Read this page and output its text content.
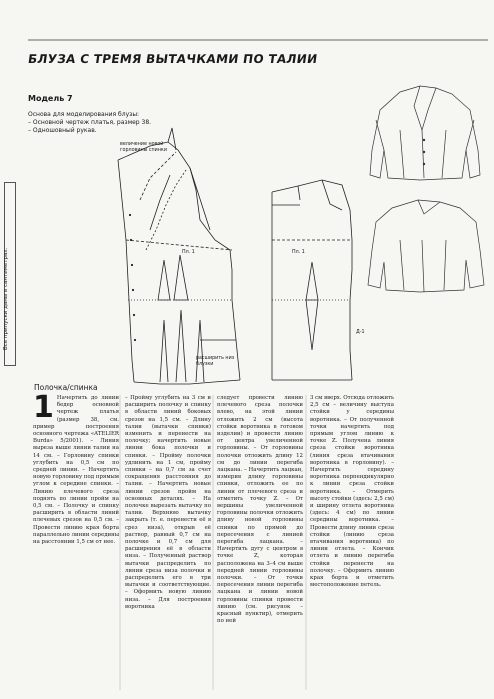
БЛУЗА С ТРЕМЯ ВЫТАЧКАМИ ПО ТАЛИИ
Модель 7
Основа для моделирования блузы:
– Основной чертеж платья, размер 38.
– Одношовный рукав.
Все припуски даны в сантиметрах.
величение новой горловины спинки
расширить низ блузки
Пл. 1	Пл. 1
Д-1
Полочка/спинка

1 Начертить до линии бедер основной чертеж платья (размер 38, см. пример построения основного чертежа «ATELIER Burda» 5/2001). – Линия выреза выше линии талии на 14 см. – Горловину спинки углубить на 0,5 см по средней линии. – Начертить новую горловину под прямым углом к середине спинки. – Линию плечевого среза поднять по линии пройм на 0,5 см. – Полочку и спинку расширить в области линий плечевых срезов на 0,5 см. – Провести линию края борта параллельно линии середины на расстоянии 1,5 см от нее.

– Пройму углубить на 3 см и расширить полочку и спинку в области линий боковых срезов на 1,5 см. – Длину талии (вытачки спинки) изменить и перенести на полочку; начертить новые линии бока полочки и спинки. – Пройму полочки удлинить на 1 см, пройму спинки – на 0,7 см за счет сокращения расстояния до талии. – Начертить новые линии срезов пройм на основных деталях. – На полочке вырезать вытачку по талии. Верхнюю вытачку закрыть (т. е. перенести её в срез низа), открыв её раствор, равный 0,7 см на полочке и 0,7 см для расширения её в области низа. – Полученный раствор вытачки распределить по линии среза низа полочки и распределить его в три вытачки и соответствующие. – Оформить новую линию низа. – Для построения воротника

следует провести линию плечевого среза полочки влево, на этой линии отложить 2 см (высота стойки воротника в готовом изделии) и провести линию от центра увеличенной горловины. – От горловины полочки отложить длину 12 см до линии перегиба лацкана. – Начертить лацкан, измерив длину горловины спинки, отложить ее по линии от плечевого среза и отметить точку Z. – От вершины увеличенной горловины полочки отложить длину новой горловины спинки по прямой до пересечения с линией перегиба лацкана. – Начертить дугу с центром в точке Z, которая расположена на 3–4 см выше передней линии горловины полочки. – От точки пересечения линии перегиба лацкана и линии новой горловины спинки провести линию (см. рисунок – красный пунктир), отмерить по ней

3 см вверх. Отсюда отложить 2,5 см – величину выступа стойки у середины воротника. – От полученной точки начертить под прямым углом линию к точке Z. Получена линия среза стойки воротника (линия среза втачивания воротника в горловину). – Начертить середину воротника перпендикулярно к линии среза стойки воротника. – Отмерить высоту стойки (здесь: 2,5 см) и ширину отлета воротника (здесь: 4 см) по линии середины воротника. – Провести длину линии среза стойки (линию среза втачивания воротника) по линии отлета. – Кончик отлета и линию перегиба стойки перенести на полочку. – Оформить линию края борта и отметить местоположение петель.
